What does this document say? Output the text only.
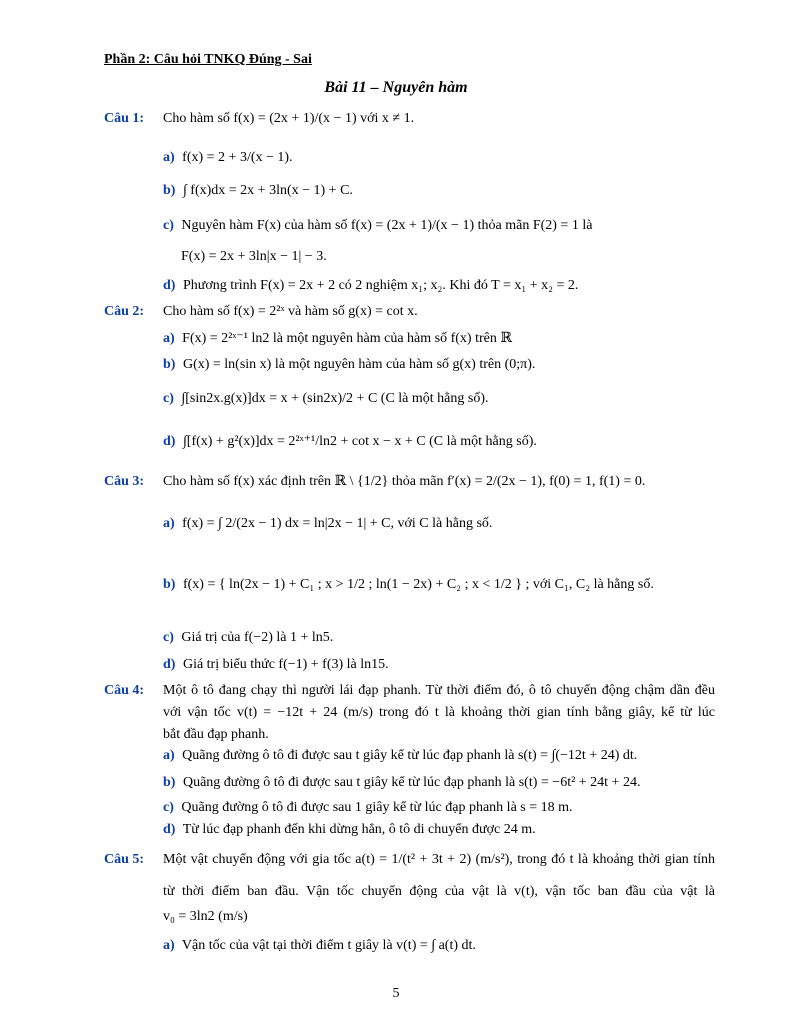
Phần 2: Câu hỏi TNKQ Đúng - Sai
Bài 11 – Nguyên hàm
Câu 1: Cho hàm số f(x) = (2x + 1)/(x − 1) với x ≠ 1.
a) f(x) = 2 + 3/(x − 1).
b) ∫ f(x)dx = 2x + 3ln(x − 1) + C.
c) Nguyên hàm F(x) của hàm số f(x) = (2x + 1)/(x − 1) thỏa mãn F(2) = 1 là
F(x) = 2x + 3ln|x − 1| − 3.
d) Phương trình F(x) = 2x + 2 có 2 nghiệm x₁; x₂. Khi đó T = x₁ + x₂ = 2.
Câu 2: Cho hàm số f(x) = 2²ˣ và hàm số g(x) = cot x.
a) F(x) = 2²ˣ⁻¹ ln2 là một nguyên hàm của hàm số f(x) trên ℝ
b) G(x) = ln(sin x) là một nguyên hàm của hàm số g(x) trên (0;π).
c) ∫[sin2x.g(x)]dx = x + (sin2x)/2 + C (C là một hằng số).
d) ∫[f(x) + g²(x)]dx = 2²ˣ⁺¹/ln2 + cot x − x + C (C là một hằng số).
Câu 3: Cho hàm số f(x) xác định trên ℝ \ {1/2} thỏa mãn f′(x) = 2/(2x − 1), f(0) = 1, f(1) = 0.
a) f(x) = ∫ 2/(2x − 1) dx = ln|2x − 1| + C, với C là hằng số.
b) f(x) = { ln(2x − 1) + C₁ ; x > 1/2 ; ln(1 − 2x) + C₂ ; x < 1/2 } ; với C₁, C₂ là hằng số.
c) Giá trị của f(−2) là 1 + ln5.
d) Giá trị biểu thức f(−1) + f(3) là ln15.
Câu 4: Một ô tô đang chạy thì người lái đạp phanh. Từ thời điểm đó, ô tô chuyển động chậm dần đều
với vận tốc v(t) = −12t + 24 (m/s) trong đó t là khoảng thời gian tính bằng giây, kể từ lúc
bắt đầu đạp phanh.
a) Quãng đường ô tô đi được sau t giây kể từ lúc đạp phanh là s(t) = ∫(−12t + 24) dt.
b) Quãng đường ô tô đi được sau t giây kể từ lúc đạp phanh là s(t) = −6t² + 24t + 24.
c) Quãng đường ô tô đi được sau 1 giây kể từ lúc đạp phanh là s = 18 m.
d) Từ lúc đạp phanh đến khi dừng hẳn, ô tô di chuyển được 24 m.
Câu 5: Một vật chuyển động với gia tốc a(t) = 1/(t² + 3t + 2) (m/s²), trong đó t là khoảng thời gian tính
từ thời điểm ban đầu. Vận tốc chuyển động của vật là v(t), vận tốc ban đầu của vật là
v₀ = 3ln2 (m/s)
a) Vận tốc của vật tại thời điểm t giây là v(t) = ∫ a(t) dt.
5
